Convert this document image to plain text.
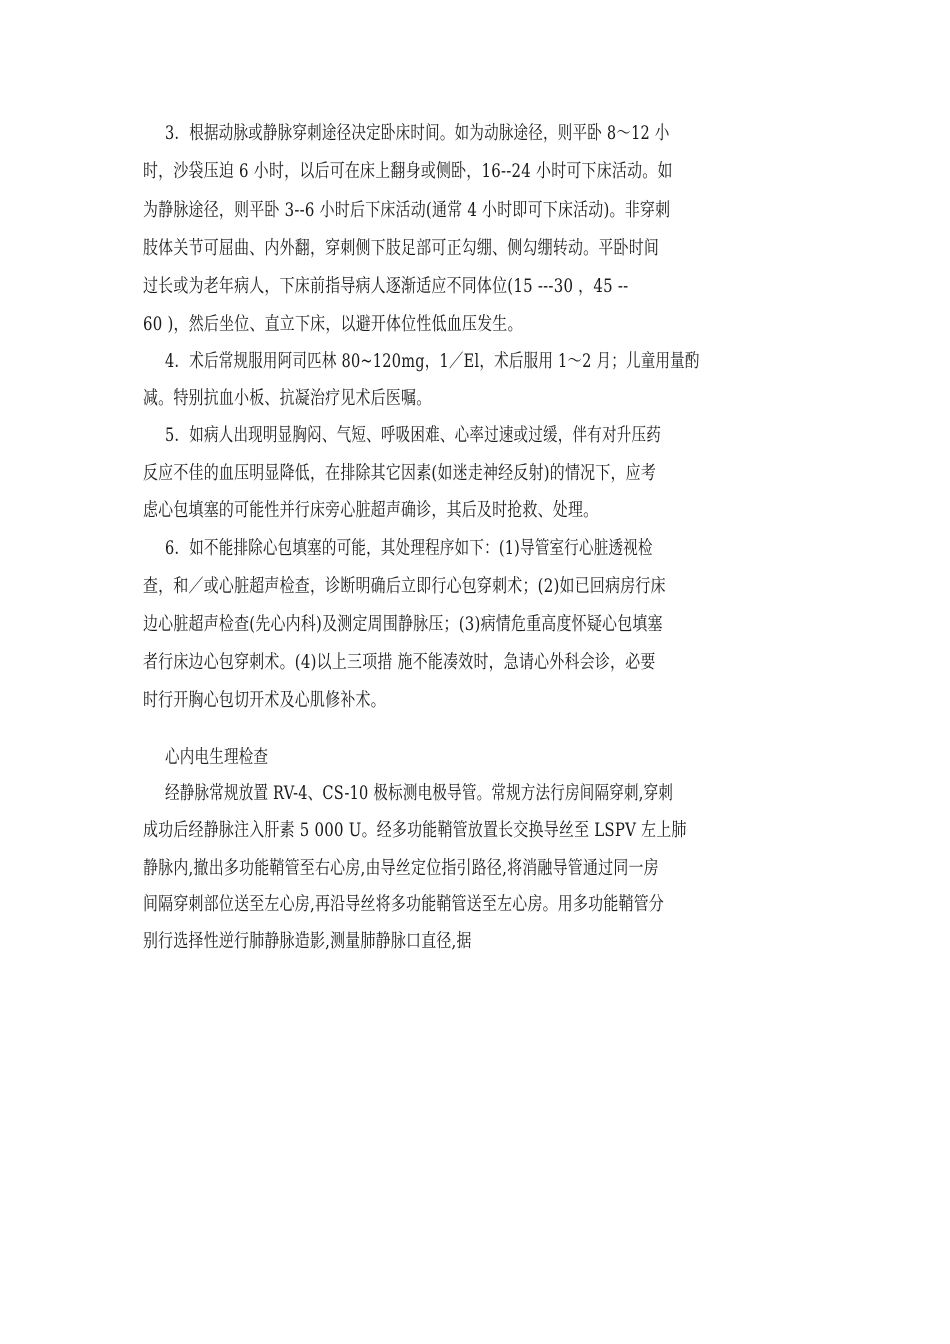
3．根据动脉或静脉穿刺途径决定卧床时间。如为动脉途径，则平卧 8～12 小
时，沙袋压迫 6 小时，以后可在床上翻身或侧卧，16--24 小时可下床活动。如
为静脉途径，则平卧 3--6 小时后下床活动(通常 4 小时即可下床活动)。非穿刺
肢体关节可屈曲、内外翻，穿刺侧下肢足部可正勾绷、侧勾绷转动。平卧时间
过长或为老年病人，下床前指导病人逐渐适应不同体位(15 ---30 ，45 --
60 )，然后坐位、直立下床，以避开体位性低血压发生。
4．术后常规服用阿司匹林 80~120mg，1／El，术后服用 1～2 月；儿童用量酌
减。特别抗血小板、抗凝治疗见术后医嘱。
5．如病人出现明显胸闷、气短、呼吸困难、心率过速或过缓，伴有对升压药
反应不佳的血压明显降低，在排除其它因素(如迷走神经反射)的情况下，应考
虑心包填塞的可能性并行床旁心脏超声确诊，其后及时抢救、处理。
6．如不能排除心包填塞的可能，其处理程序如下：(1)导管室行心脏透视检
查，和／或心脏超声检查，诊断明确后立即行心包穿刺术；(2)如已回病房行床
边心脏超声检查(先心内科)及测定周围静脉压；(3)病情危重高度怀疑心包填塞
者行床边心包穿刺术。(4)以上三项措 施不能凑效时，急请心外科会诊，必要
时行开胸心包切开术及心肌修补术。
心内电生理检查
经静脉常规放置 RV-4、CS-10 极标测电极导管。常规方法行房间隔穿刺,穿刺
成功后经静脉注入肝素 5 000 U。经多功能鞘管放置长交换导丝至 LSPV 左上肺
静脉内,撤出多功能鞘管至右心房,由导丝定位指引路径,将消融导管通过同一房
间隔穿刺部位送至左心房,再沿导丝将多功能鞘管送至左心房。用多功能鞘管分
别行选择性逆行肺静脉造影,测量肺静脉口直径,据
